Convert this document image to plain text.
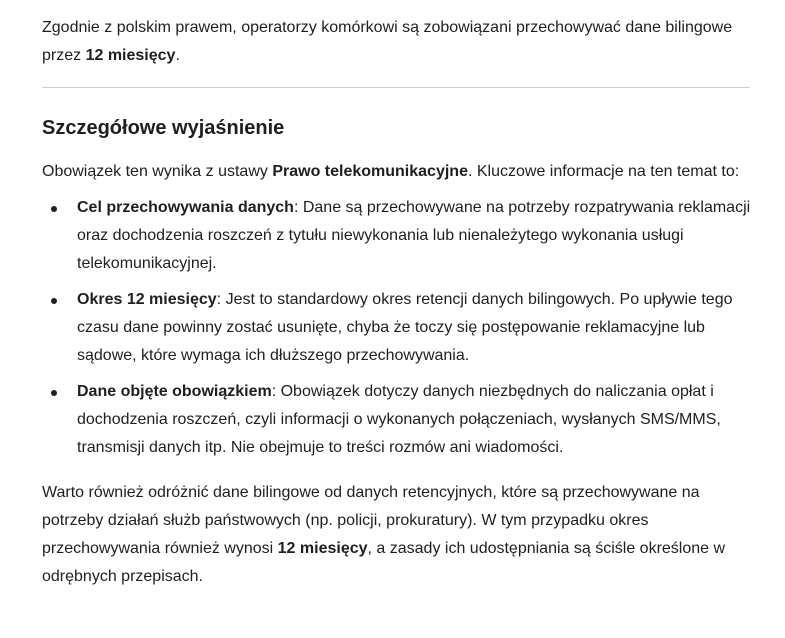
Zgodnie z polskim prawem, operatorzy komórkowi są zobowiązani przechowywać dane bilingowe przez 12 miesięcy.

Szczegółowe wyjaśnienie

Obowiązek ten wynika z ustawy Prawo telekomunikacyjne. Kluczowe informacje na ten temat to:

Cel przechowywania danych: Dane są przechowywane na potrzeby rozpatrywania reklamacji oraz dochodzenia roszczeń z tytułu niewykonania lub nienależytego wykonania usługi telekomunikacyjnej.
Okres 12 miesięcy: Jest to standardowy okres retencji danych bilingowych. Po upływie tego czasu dane powinny zostać usunięte, chyba że toczy się postępowanie reklamacyjne lub sądowe, które wymaga ich dłuższego przechowywania.
Dane objęte obowiązkiem: Obowiązek dotyczy danych niezbędnych do naliczania opłat i dochodzenia roszczeń, czyli informacji o wykonanych połączeniach, wysłanych SMS/MMS, transmisji danych itp. Nie obejmuje to treści rozmów ani wiadomości.

Warto również odróżnić dane bilingowe od danych retencyjnych, które są przechowywane na potrzeby działań służb państwowych (np. policji, prokuratury). W tym przypadku okres przechowywania również wynosi 12 miesięcy, a zasady ich udostępniania są ściśle określone w odrębnych przepisach.
